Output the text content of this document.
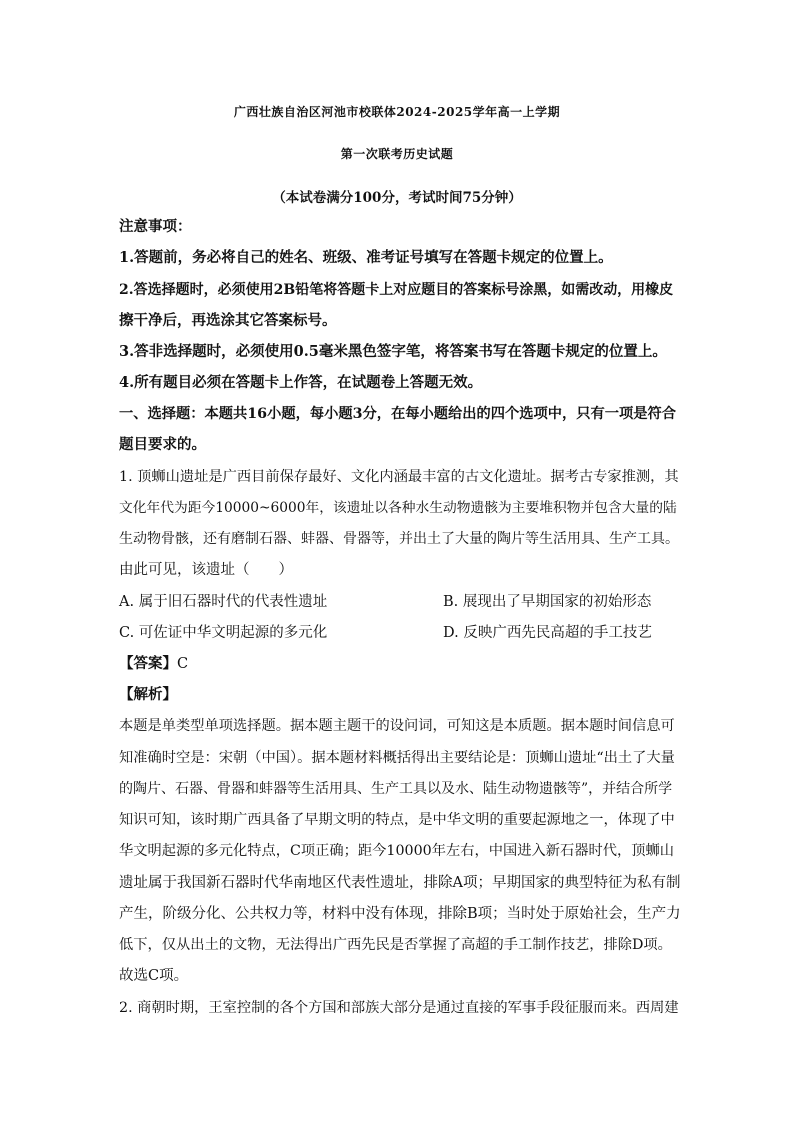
广西壮族自治区河池市校联体2024-2025学年高一上学期
第一次联考历史试题
（本试卷满分100分，考试时间75分钟）
注意事项：
1.答题前，务必将自己的姓名、班级、准考证号填写在答题卡规定的位置上。
2.答选择题时，必须使用2B铅笔将答题卡上对应题目的答案标号涂黑，如需改动，用橡皮
擦干净后，再选涂其它答案标号。
3.答非选择题时，必须使用0.5毫米黑色签字笔，将答案书写在答题卡规定的位置上。
4.所有题目必须在答题卡上作答，在试题卷上答题无效。
一、选择题：本题共16小题，每小题3分，在每小题给出的四个选项中，只有一项是符合
题目要求的。
1. 顶蛳山遗址是广西目前保存最好、文化内涵最丰富的古文化遗址。据考古专家推测，其
文化年代为距今10000~6000年，该遗址以各种水生动物遗骸为主要堆积物并包含大量的陆
生动物骨骸，还有磨制石器、蚌器、骨器等，并出土了大量的陶片等生活用具、生产工具。
由此可见，该遗址（　　）
A. 属于旧石器时代的代表性遗址	B. 展现出了早期国家的初始形态
C. 可佐证中华文明起源的多元化	D. 反映广西先民高超的手工技艺
【答案】C
【解析】
本题是单类型单项选择题。据本题主题干的设问词，可知这是本质题。据本题时间信息可
知准确时空是：宋朝（中国）。据本题材料概括得出主要结论是：顶蛳山遗址“出土了大量
的陶片、石器、骨器和蚌器等生活用具、生产工具以及水、陆生动物遗骸等”，并结合所学
知识可知，该时期广西具备了早期文明的特点，是中华文明的重要起源地之一，体现了中
华文明起源的多元化特点，C项正确；距今10000年左右，中国进入新石器时代，顶蛳山
遗址属于我国新石器时代华南地区代表性遗址，排除A项；早期国家的典型特征为私有制
产生，阶级分化、公共权力等，材料中没有体现，排除B项；当时处于原始社会，生产力
低下，仅从出土的文物，无法得出广西先民是否掌握了高超的手工制作技艺，排除D项。
故选C项。
2. 商朝时期，王室控制的各个方国和部族大部分是通过直接的军事手段征服而来。西周建
